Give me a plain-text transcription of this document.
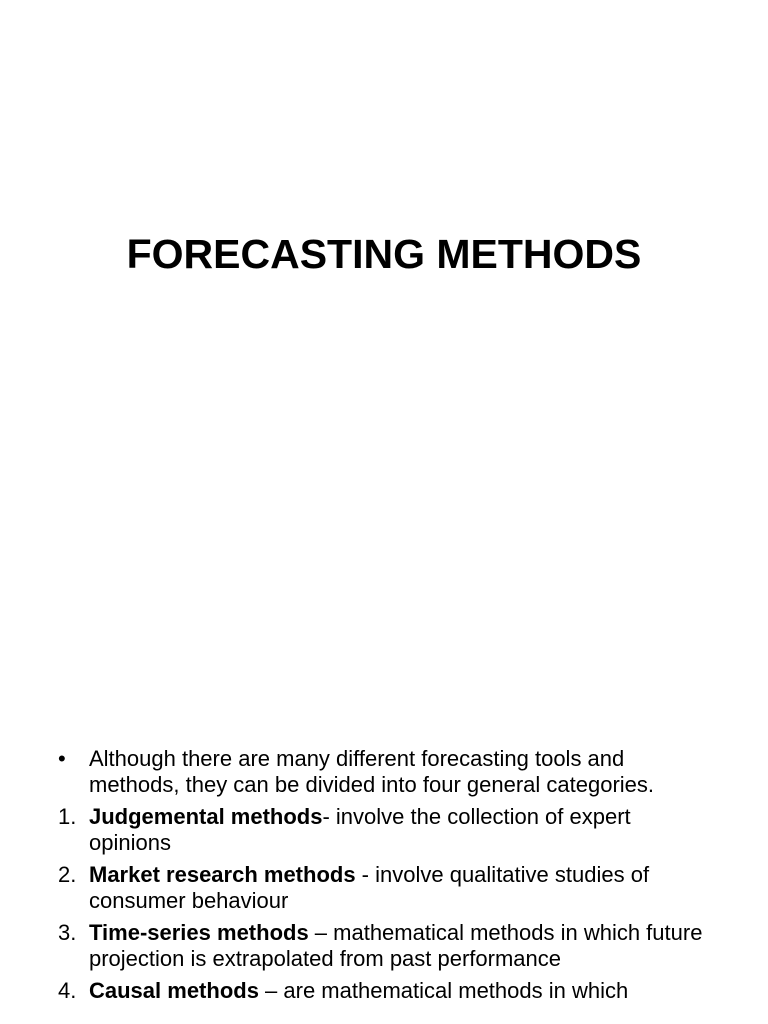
FORECASTING METHODS
• Although there are many different forecasting tools and methods, they can be divided into four general categories.
1. Judgemental methods- involve the collection of expert opinions
2. Market research methods - involve qualitative studies of consumer behaviour
3. Time-series methods – mathematical methods in which future projection is extrapolated from past performance
4. Causal methods – are mathematical methods in which
